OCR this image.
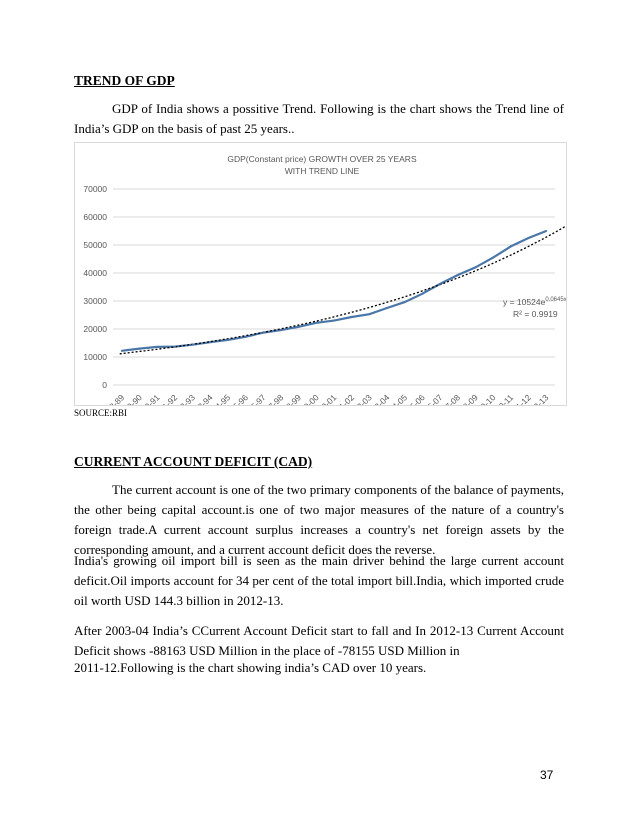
TREND OF GDP
GDP of India shows a possitive Trend. Following is the chart shows the Trend line of India’s GDP on the basis of past 25 years..
GDP(Constant price) GROWTH OVER 25 YEARS
WITH TREND LINE
0
10000
20000
30000
40000
50000
60000
70000
$y = 10524e^{0.0645x}$
R² = 0.9919
SOURCE:RBI
CURRENT ACCOUNT DEFICIT (CAD)
The current account is one of the two primary components of the balance of payments, the other being capital account.is one of two major measures of the nature of a country's foreign trade.A current account surplus increases a country's net foreign assets by the corresponding amount, and a current account deficit does the reverse.
India's growing oil import bill is seen as the main driver behind the large current account deficit.Oil imports account for 34 per cent of the total import bill.India, which imported crude oil worth USD 144.3 billion in 2012-13.
After 2003-04 India’s CCurrent Account Deficit start to fall and In 2012-13 Current Account Deficit shows -88163 USD Million in the place of -78155 USD Million in
2011-12.Following is the chart showing india’s CAD over 10 years.
37
